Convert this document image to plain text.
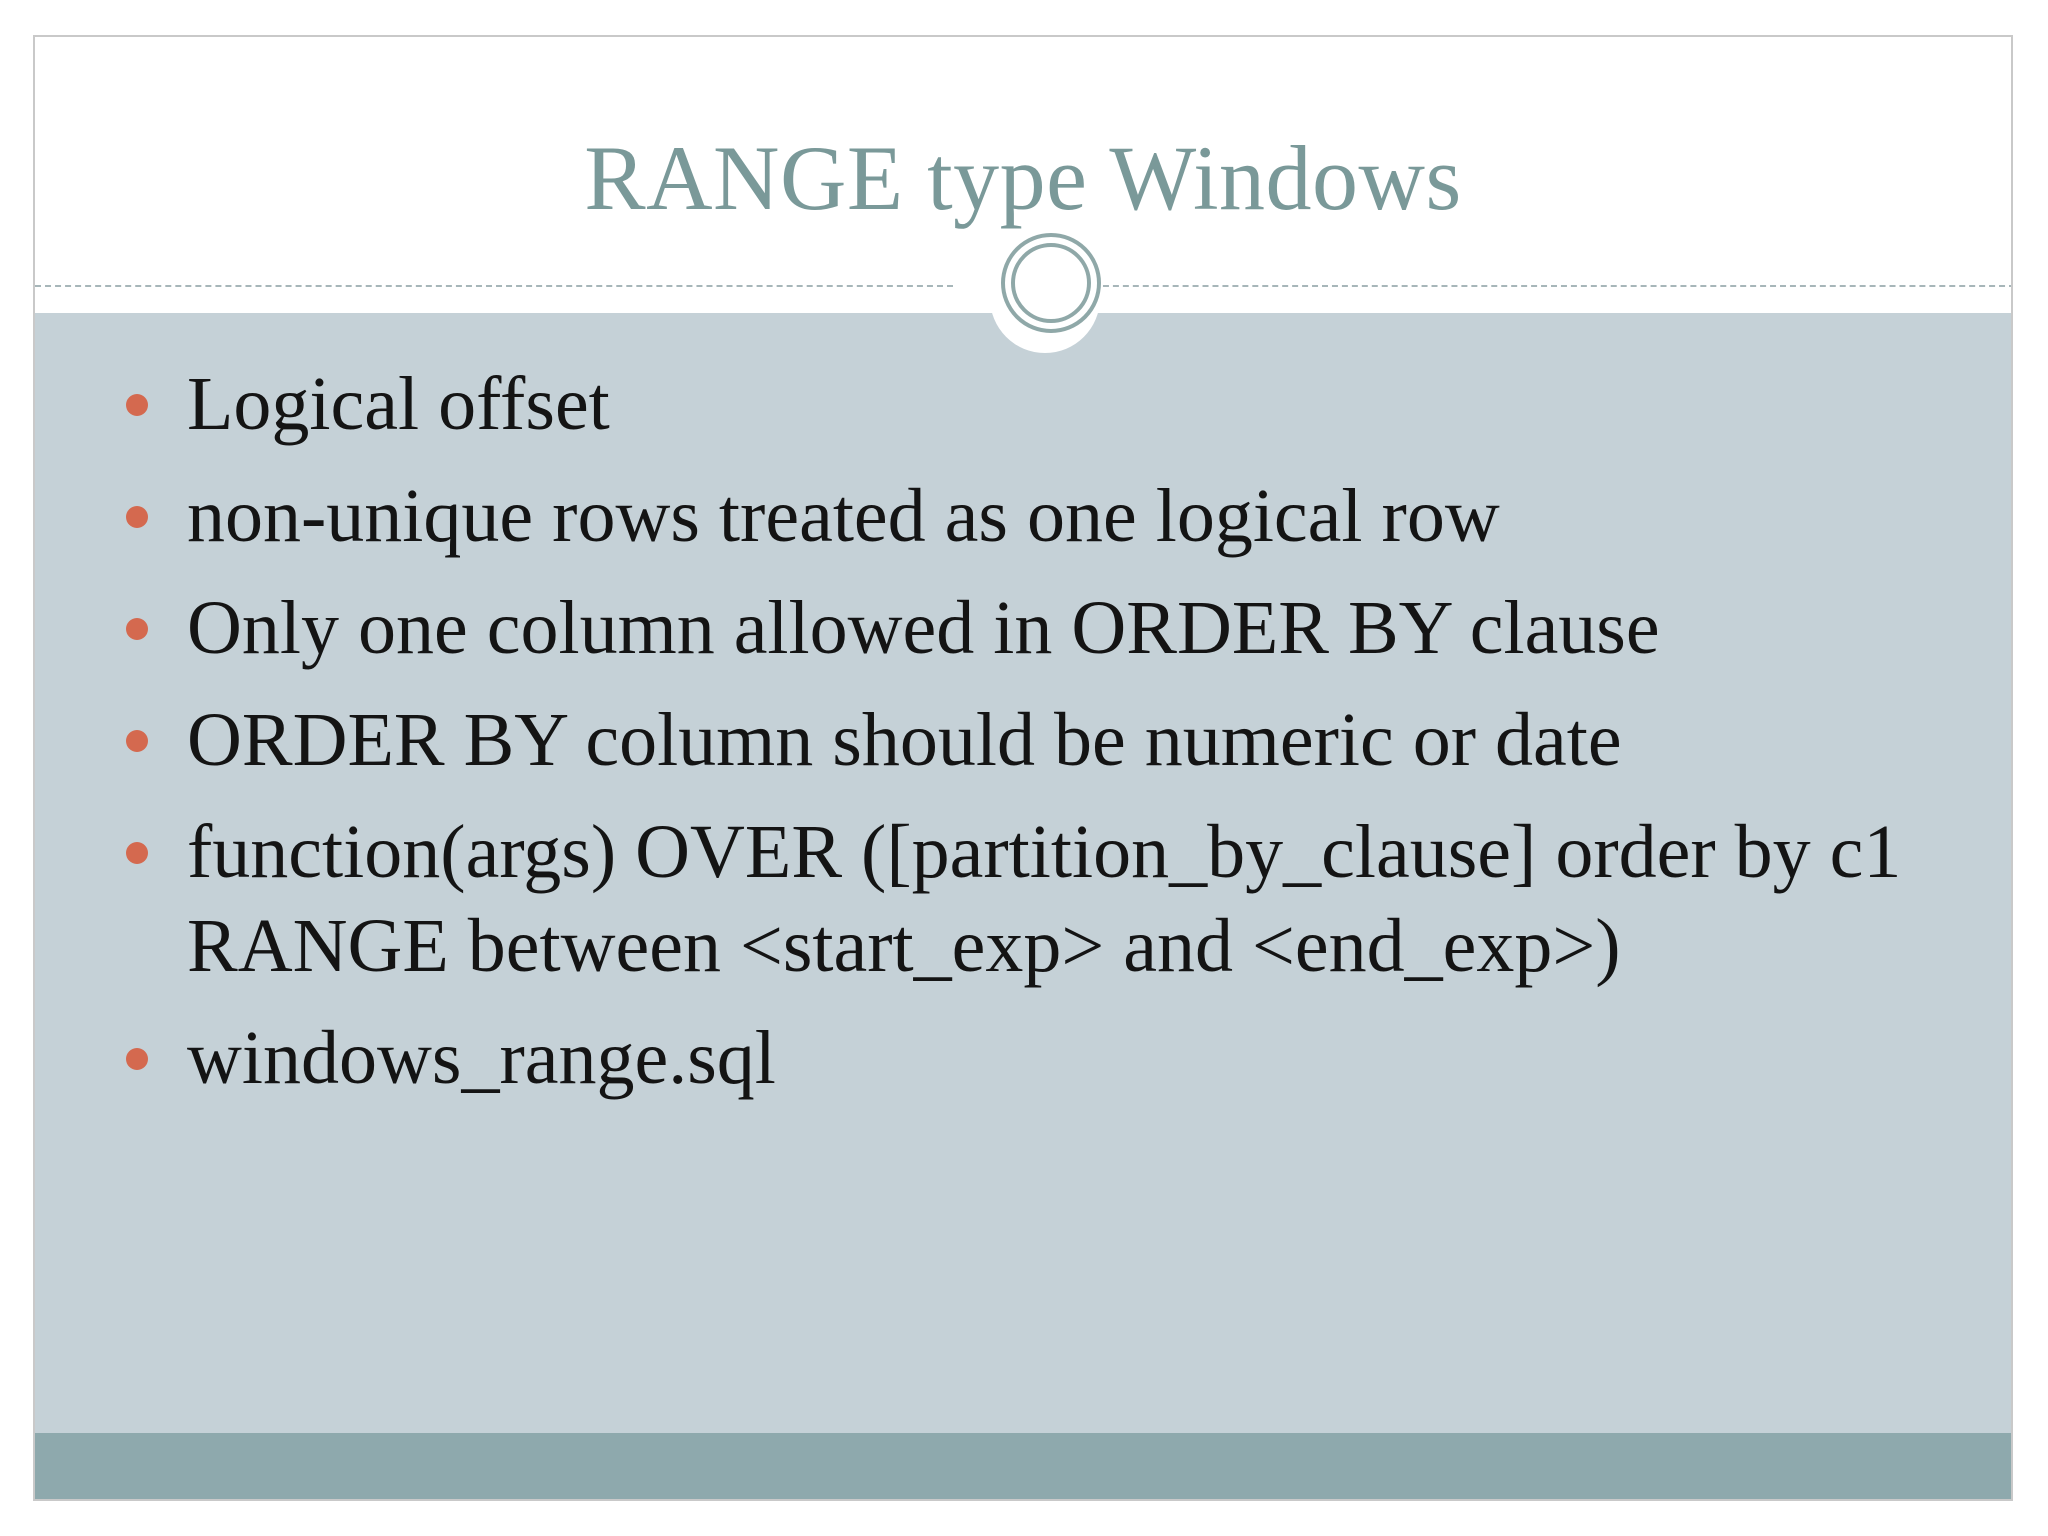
RANGE type Windows
Logical offset
non-unique rows treated as one logical row
Only one column allowed in ORDER BY clause
ORDER BY column should be numeric or date
function(args) OVER ([partition_by_clause] order by c1 RANGE between <start_exp> and <end_exp>)
windows_range.sql
